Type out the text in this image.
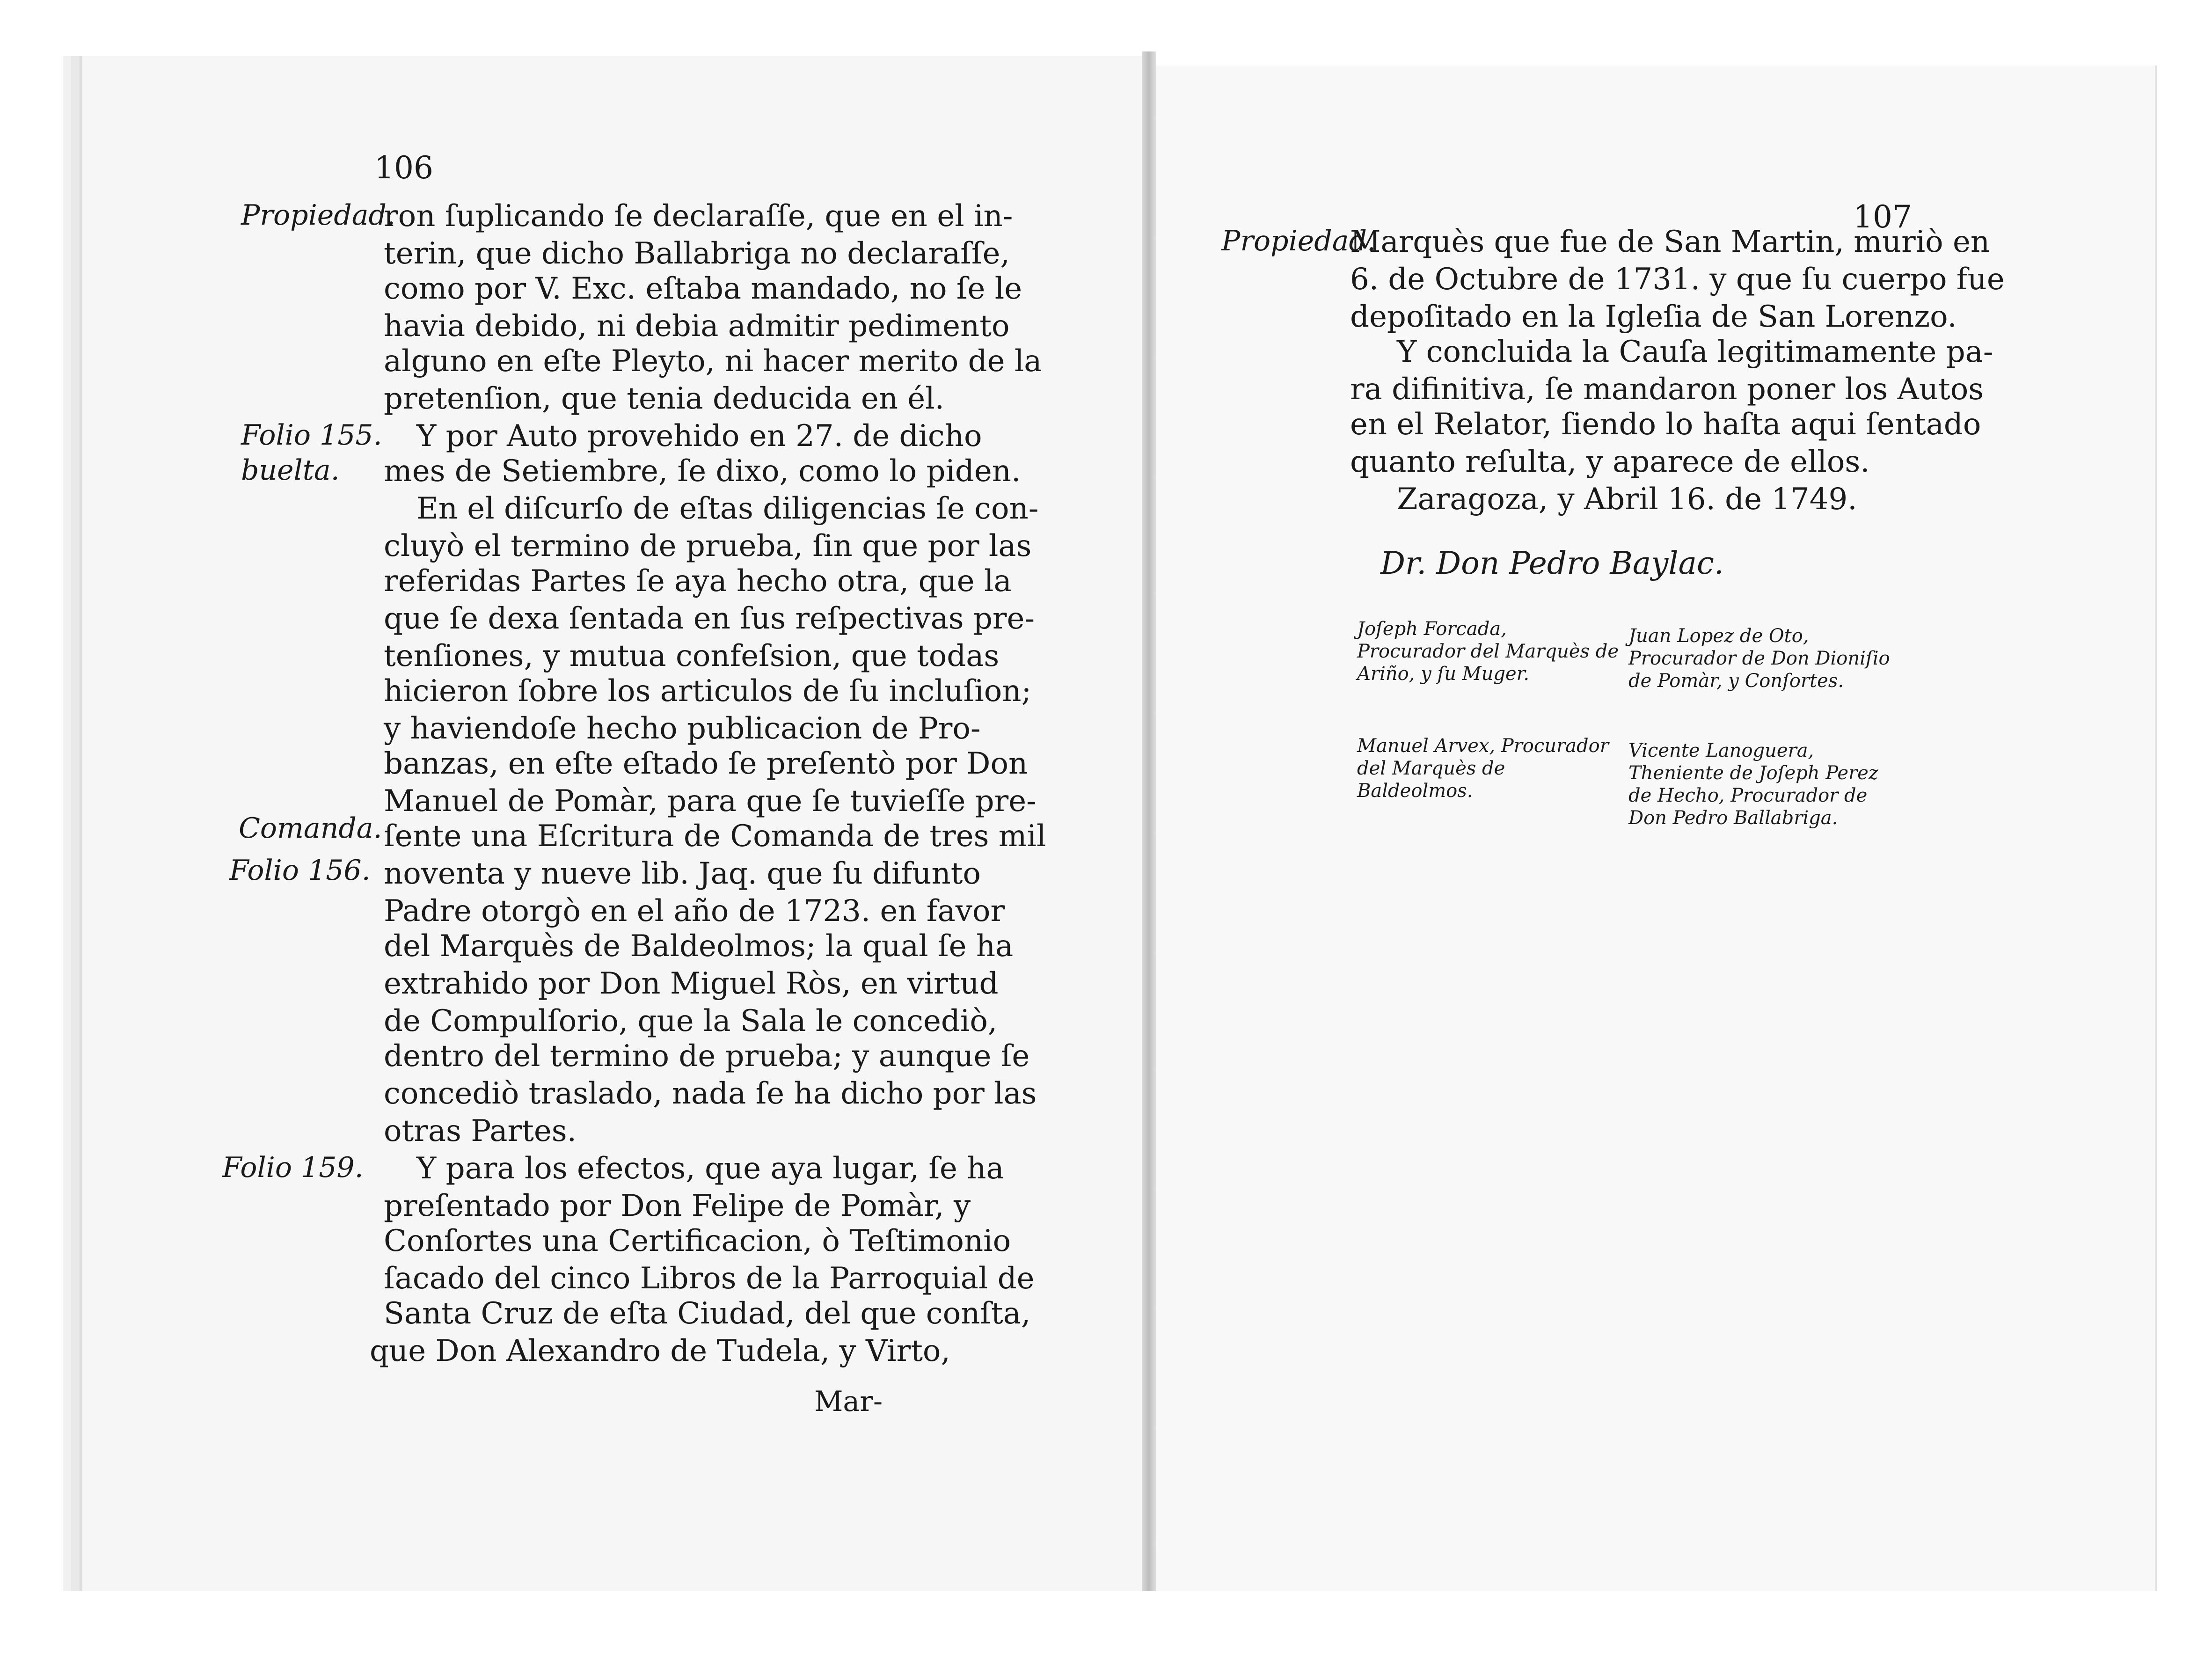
106
Propiedad.
Folio 155.
buelta.
Comanda.
Folio 156.
Folio 159.
ron ſuplicando ſe declaraſſe, que en el in-
terin, que dicho Ballabriga no declaraſſe,
como por V. Exc. eſtaba mandado, no ſe le
havia debido, ni debia admitir pedimento
alguno en eſte Pleyto, ni hacer merito de la
pretenſion, que tenia deducida en él.
Y por Auto provehido en 27. de dicho
mes de Setiembre, ſe dixo, como lo piden.
En el diſcurſo de eſtas diligencias ſe con-
cluyò el termino de prueba, ſin que por las
referidas Partes ſe aya hecho otra, que la
que ſe dexa ſentada en ſus reſpectivas pre-
tenſiones, y mutua confeſsion, que todas
hicieron ſobre los articulos de ſu incluſion;
y haviendoſe hecho publicacion de Pro-
banzas, en eſte eſtado ſe preſentò por Don
Manuel de Pomàr, para que ſe tuvieſſe pre-
ſente una Eſcritura de Comanda de tres mil
noventa y nueve lib. Jaq. que ſu difunto
Padre otorgò en el año de 1723. en favor
del Marquès de Baldeolmos; la qual ſe ha
extrahido por Don Miguel Ròs, en virtud
de Compulſorio, que la Sala le concediò,
dentro del termino de prueba; y aunque ſe
concediò traslado, nada ſe ha dicho por las
otras Partes.
Y para los efectos, que aya lugar, ſe ha
preſentado por Don Felipe de Pomàr, y
Conſortes una Certificacion, ò Teſtimonio
ſacado del cinco Libros de la Parroquial de
Santa Cruz de eſta Ciudad, del que conſta,
que Don Alexandro de Tudela, y Virto,
Mar-
107
Propiedad.
Marquès que fue de San Martin, muriò en
6. de Octubre de 1731. y que ſu cuerpo fue
depoſitado en la Igleſia de San Lorenzo.
Y concluida la Cauſa legitimamente pa-
ra difinitiva, ſe mandaron poner los Autos
en el Relator, ſiendo lo haſta aqui ſentado
quanto reſulta, y aparece de ellos.
Zaragoza, y Abril 16. de 1749.
Dr. Don Pedro Baylac.
Joſeph Forcada, Procurador del Marquès de Ariño, y ſu Muger.
Juan Lopez de Oto, Procurador de Don Dioniſio de Pomàr, y Conſortes.
Manuel Arvex, Procurador del Marquès de Baldeolmos.
Vicente Lanoguera, Theniente de Joſeph Perez de Hecho, Procurador de Don Pedro Ballabriga.
